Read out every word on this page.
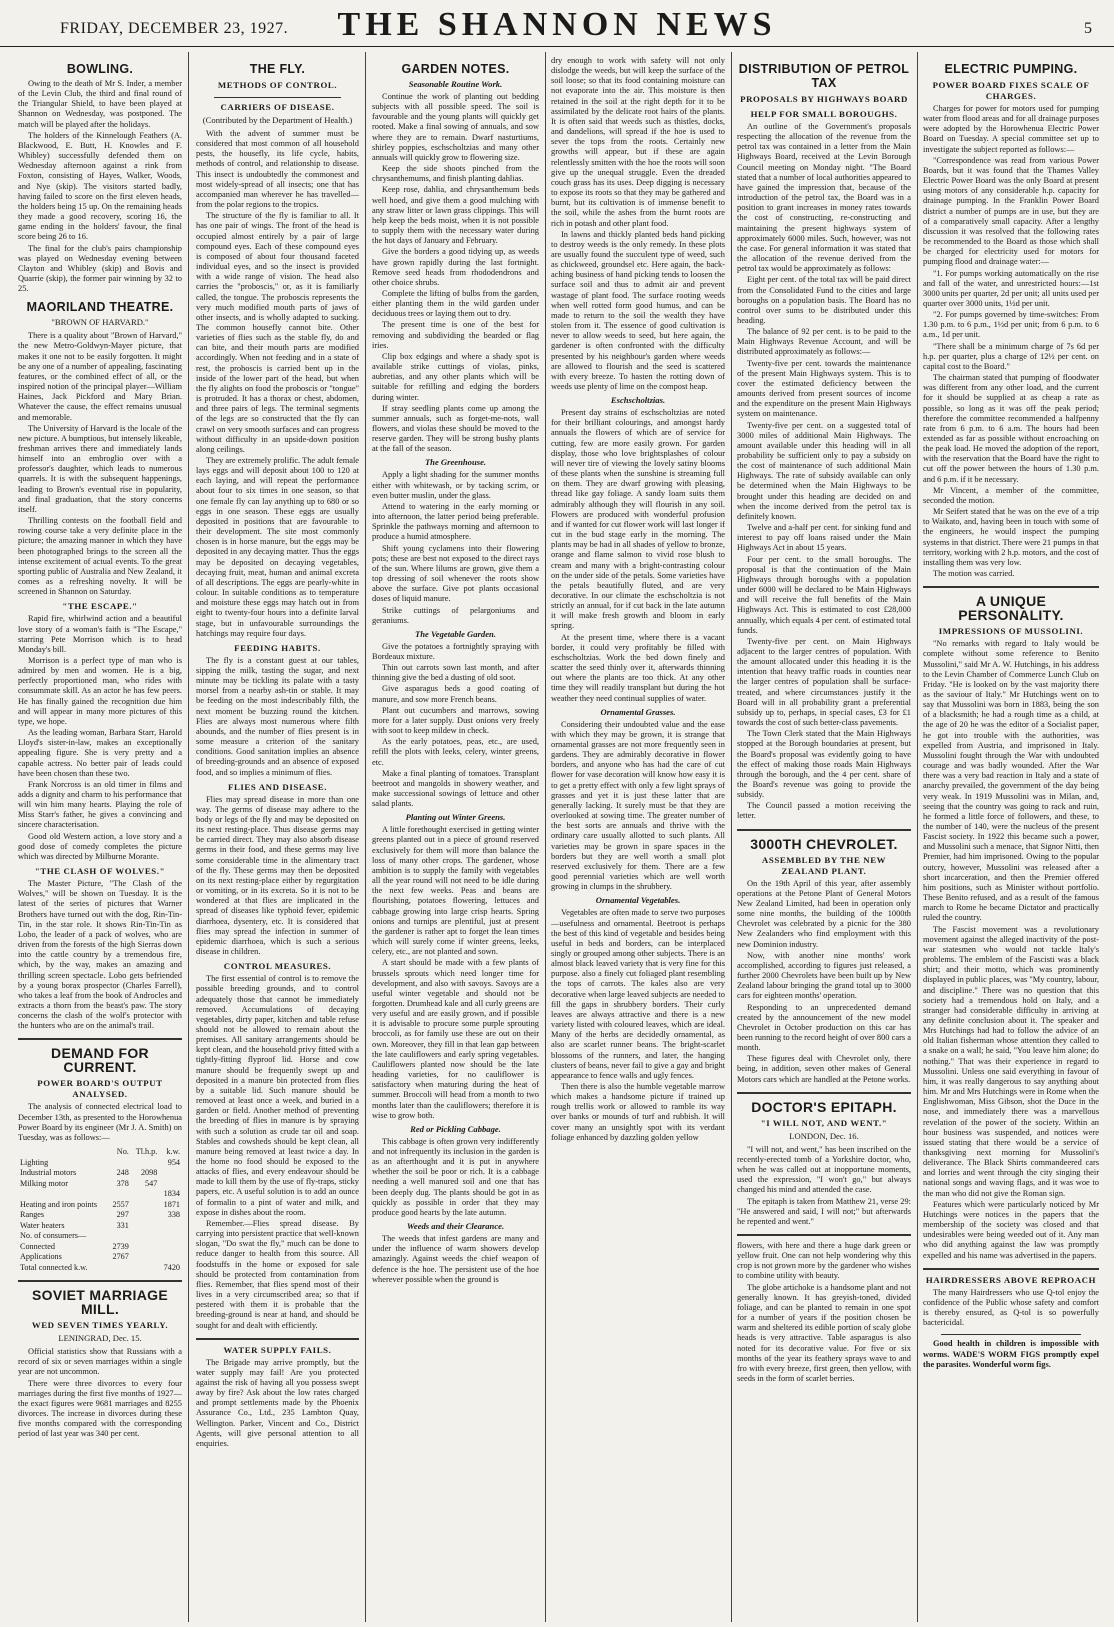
FRIDAY, DECEMBER 23, 1927.	THE SHANNON NEWS	5
BOWLING.

Owing to the death of Mr S. Inder, a member of the Levin Club, the third and final round of the Triangular Shield, to have been played at Shannon on Wednesday, was postponed. The match will be played after the holidays.

The holders of the Kinnelough Feathers (A. Blackwood, E. Butt, H. Knowles and F. Whibley) successfully defended them on Wednesday afternoon against a rink from Foxton, consisting of Hayes, Walker, Woods, and Nye (skip). The visitors started badly, having failed to score on the first eleven heads, the holders being 15 up. On the remaining heads they made a good recovery, scoring 16, the game ending in the holders' favour, the final score being 26 to 16.

The final for the club's pairs championship was played on Wednesday evening between Clayton and Whibley (skip) and Bovis and Quarrie (skip), the former pair winning by 32 to 25.

MAORILAND THEATRE.
"BROWN OF HARVARD."

There is a quality about "Brown of Harvard," the new Metro-Goldwyn-Mayer picture, that makes it one not to be easily forgotten. It might be any one of a number of appealing, fascinating features, or the combined effect of all, or the inspired notion of the principal player—William Haines, Jack Pickford and Mary Brian. Whatever the cause, the effect remains unusual and memorable.

The University of Harvard is the locale of the new picture. A bumptious, but intensely likeable, freshman arrives there and immediately lands himself into an embroglio over with a professor's daughter, which leads to numerous quarrels. It is with the subsequent happenings, leading to Brown's eventual rise in popularity, and final graduation, that the story concerns itself.

Thrilling contests on the football field and rowing course take a very definite place in the picture; the amazing manner in which they have been photographed brings to the screen all the intense excitement of actual events. To the great sporting public of Australia and New Zealand, it comes as a refreshing novelty. It will be screened in Shannon on Saturday.

"THE ESCAPE."

Rapid fire, whirlwind action and a beautiful love story of a woman's faith is "The Escape," starring Pete Morrison which is to head Monday's bill.

Morrison is a perfect type of man who is admired by men and women. He is a big, perfectly proportioned man, who rides with consummate skill. As an actor he has few peers. He has finally gained the recognition due him and will appear in many more pictures of this type, we hope.

As the leading woman, Barbara Starr, Harold Lloyd's sister-in-law, makes an exceptionally appealing figure. She is very pretty and a capable actress. No better pair of leads could have been chosen than these two.

Frank Norcross is an old timer in films and adds a dignity and charm to his performance that will win him many hearts. Playing the role of Miss Starr's father, he gives a convincing and sincere characterisation.

Good old Western action, a love story and a good dose of comedy completes the picture which was directed by Milburne Morante.

"THE CLASH OF WOLVES."

The Master Picture, "The Clash of the Wolves," will be shown on Tuesday. It is the latest of the series of pictures that Warner Brothers have turned out with the dog, Rin-Tin-Tin, in the star role. It shows Rin-Tin-Tin as Lobo, the leader of a pack of wolves, who are driven from the forests of the high Sierras down into the cattle country by a tremendous fire, which, by the way, makes an amazing and thrilling screen spectacle. Lobo gets befriended by a young borax prospector (Charles Farrell), who takes a leaf from the book of Androcles and extracts a thorn from the beast's paw. The story concerns the clash of the wolf's protector with the hunters who are on the animal's trail.

DEMAND FOR CURRENT.
POWER BOARD'S OUTPUT ANALYSED.

The analysis of connected electrical load to December 13th, as presented to the Horowhenua Power Board by its engineer (Mr J. A. Smith) on Tuesday, was as follows:—

	No.	Tl.h.p.	k.w.
Lighting			954
Industrial motors	248	2098	
Milking motor	378	547	
			1834
Heating and iron points	2557		1871
Ranges	297		338
Water heaters	331		
No. of consumers—			
Connected	2739		
Applications	2767		
Total connected k.w.			7420
SOVIET MARRIAGE MILL.
WED SEVEN TIMES YEARLY.
LENINGRAD, Dec. 15.

Official statistics show that Russians with a record of six or seven marriages within a single year are not uncommon.

There were three divorces to every four marriages during the first five months of 1927—the exact figures were 9681 marriages and 8255 divorces. The increase in divorces during these five months compared with the corresponding period of last year was 340 per cent.

THE FLY.
METHODS OF CONTROL.
CARRIERS OF DISEASE.
(Contributed by the Department of Health.)

With the advent of summer must be considered that most common of all household pests, the housefly, its life cycle, habits, methods of control, and relationship to disease. This insect is undoubtedly the commonest and most widely-spread of all insects; one that has accompanied man wherever he has travelled—from the polar regions to the tropics.

The structure of the fly is familiar to all. It has one pair of wings. The front of the head is occupied almost entirely by a pair of large compound eyes. Each of these compound eyes is composed of about four thousand faceted individual eyes, and so the insect is provided with a wide range of vision. The head also carries the "proboscis," or, as it is familiarly called, the tongue. The proboscis represents the very much modified mouth parts of jaws of other insects, and is wholly adapted to sucking. The common housefly cannot bite. Other varieties of flies such as the stable fly, do and can bite, and their mouth parts are modified accordingly. When not feeding and in a state of rest, the proboscis is carried bent up in the inside of the lower part of the head, but when the fly alights on food the proboscis or "tongue" is protruded. It has a thorax or chest, abdomen, and three pairs of legs. The terminal segments of the legs are so constructed that the fly can crawl on very smooth surfaces and can progress without difficulty in an upside-down position along ceilings.

They are extremely prolific. The adult female lays eggs and will deposit about 100 to 120 at each laying, and will repeat the performance about four to six times in one season, so that one female fly can lay anything up to 680 or so eggs in one season. These eggs are usually deposited in positions that are favourable to their development. The site most commonly chosen is in horse manure, but the eggs may be deposited in any decaying matter. Thus the eggs may be deposited on decaying vegetables, decaying fruit, meat, human and animal excreta of all descriptions. The eggs are pearly-white in colour. In suitable conditions as to temperature and moisture these eggs may hatch out in from eight to twenty-four hours into a definite larval stage, but in unfavourable surroundings the hatchings may require four days.

FEEDING HABITS.

The fly is a constant guest at our tables, sipping the milk, tasting the sugar, and next minute may be tickling its palate with a tasty morsel from a nearby ash-tin or stable. It may be feeding on the most indescribably filth, the next moment be buzzing round the kitchen. Flies are always most numerous where filth abounds, and the number of flies present is in some measure a criterion of the sanitary conditions. Good sanitation implies an absence of breeding-grounds and an absence of exposed food, and so implies a minimum of flies.

FLIES AND DISEASE.

Flies may spread disease in more than one way. The germs of disease may adhere to the body or legs of the fly and may be deposited on its next resting-place. Thus disease germs may be carried direct. They may also absorb disease germs in their food, and these germs may live some considerable time in the alimentary tract of the fly. These germs may then be deposited on its next resting-place either by regurgitation or vomiting, or in its excreta. So it is not to be wondered at that flies are implicated in the spread of diseases like typhoid fever, epidemic diarrhoea, dysentery, etc. It is considered that flies may spread the infection in summer of epidemic diarrhoea, which is such a serious disease in children.

CONTROL MEASURES.

The first essential of control is to remove the possible breeding grounds, and to control adequately those that cannot be immediately removed. Accumulations of decaying vegetables, dirty paper, kitchen and table refuse should not be allowed to remain about the premises. All sanitary arrangements should be kept clean, and the household privy fitted with a tightly-fitting flyproof lid. Horse and cow manure should be frequently swept up and deposited in a manure bin protected from flies by a suitable lid. Such manure should be removed at least once a week, and buried in a garden or field. Another method of preventing the breeding of flies in manure is by spraying with such a solution as crude tar oil and soap. Stables and cowsheds should be kept clean, all manure being removed at least twice a day. In the home no food should be exposed to the attacks of flies, and every endeavour should be made to kill them by the use of fly-traps, sticky papers, etc. A useful solution is to add an ounce of formalin to a pint of water and milk, and expose in dishes about the room.

Remember.—Flies spread disease. By carrying into persistent practice that well-known slogan, "Do swat the fly," much can be done to reduce danger to health from this source. All foodstuffs in the home or exposed for sale should be protected from contamination from flies. Remember, that flies spend most of their lives in a very circumscribed area; so that if pestered with them it is probable that the breeding-ground is near at hand, and should be sought for and dealt with efficiently.

WATER SUPPLY FAILS.

The Brigade may arrive promptly, but the water supply may fail! Are you protected against the risk of having all you possess swept away by fire? Ask about the low rates charged and prompt settlements made by the Phoenix Assurance Co., Ltd., 235 Lambton Quay, Wellington. Parker, Vincent and Co., District Agents, will give personal attention to all enquiries.

GARDEN NOTES.
Seasonable Routine Work.

Continue the work of planting out bedding subjects with all possible speed. The soil is favourable and the young plants will quickly get rooted. Make a final sowing of annuals, and sow where they are to remain. Dwarf nasturtiums, shirley poppies, eschscholtzias and many other annuals will quickly grow to flowering size.

Keep the side shoots pinched from the chrysanthemums, and finish planting dahlias.

Keep rose, dahlia, and chrysanthemum beds well hoed, and give them a good mulching with any straw litter or lawn grass clippings. This will help keep the beds moist, when it is not possible to supply them with the necessary water during the hot days of January and February.

Give the borders a good tidying up, as weeds have grown rapidly during the last fortnight. Remove seed heads from rhododendrons and other choice shrubs.

Complete the lifting of bulbs from the garden, either planting them in the wild garden under deciduous trees or laying them out to dry.

The present time is one of the best for removing and subdividing the bearded or flag iries.

Clip box edgings and where a shady spot is available strike cuttings of violas, pinks, aubretias, and any other plants which will be suitable for refilling and edging the borders during winter.

If stray seedling plants come up among the summer annuals, such as forget-me-nots, wall flowers, and violas these should be moved to the reserve garden. They will be strong bushy plants at the fall of the season.

The Greenhouse.

Apply a light shading for the summer months either with whitewash, or by tacking scrim, or even butter muslin, under the glass.

Attend to watering in the early morning or into afternoon, the latter period being preferable. Sprinkle the pathways morning and afternoon to produce a humid atmosphere.

Shift young cyclamens into their flowering pots; these are best not exposed to the direct rays of the sun. Where lilums are grown, give them a top dressing of soil whenever the roots show above the surface. Give pot plants occasional doses of liquid manure.

Strike cuttings of pelargoniums and geraniums.

The Vegetable Garden.

Give the potatoes a fortnightly spraying with Bordeaux mixture.

Thin out carrots sown last month, and after thinning give the bed a dusting of old soot.

Give asparagus beds a good coating of manure, and sow more French beans.

Plant out cucumbers and marrows, sowing more for a later supply. Dust onions very freely with soot to keep mildew in check.

As the early potatoes, peas, etc., are used, refill the plots with leeks, celery, winter greens, etc.

Make a final planting of tomatoes. Transplant beetroot and mangolds in showery weather, and make successional sowings of lettuce and other salad plants.

Planting out Winter Greens.

A little forethought exercised in getting winter greens planted out in a piece of ground reserved exclusively for them will more than balance the loss of many other crops. The gardener, whose ambition is to supply the family with vegetables all the year round will not need to be idle during the next few weeks. Peas and beans are flourishing, potatoes flowering, lettuces and cabbage growing into large crisp hearts. Spring onions and turnips are plentiful, just at present the gardener is rather apt to forget the lean times which will surely come if winter greens, leeks, celery, etc., are not planted and sown.

A start should be made with a few plants of brussels sprouts which need longer time for development, and also with savoys. Savoys are a useful winter vegetable and should not be forgotten. Drumhead kale and all curly greens are very useful and are easily grown, and if possible it is advisable to procure some purple sprouting broccoli, as for family use these are out on their own. Moreover, they fill in that lean gap between the late cauliflowers and early spring vegetables. Cauliflowers planted now should be the late heading varieties, for no cauliflower is satisfactory when maturing during the heat of summer. Broccoli will head from a month to two months later than the cauliflowers; therefore it is wise to grow both.

Red or Pickling Cabbage.

This cabbage is often grown very indifferently and not infrequently its inclusion in the garden is as an afterthought and it is put in anywhere whether the soil be poor or rich. It is a cabbage needing a well manured soil and one that has been deeply dug. The plants should be got in as quickly as possible in order that they may produce good hearts by the late autumn.

Weeds and their Clearance.

The weeds that infest gardens are many and under the influence of warm showers develop amazingly. Against weeds the chief weapon of defence is the hoe. The persistent use of the hoe wherever possible when the ground is

dry enough to work with safety will not only dislodge the weeds, but will keep the surface of the soil loose; so that its food containing moisture can not evaporate into the air. This moisture is then retained in the soil at the right depth for it to be assimilated by the delicate root hairs of the plants. It is often said that weeds such as thistles, docks, and dandelions, will spread if the hoe is used to sever the tops from the roots. Certainly new growths will appear, but if these are again relentlessly smitten with the hoe the roots will soon give up the unequal struggle. Even the dreaded couch grass has its uses. Deep digging is necessary to expose its roots so that they may be gathered and burnt, but its cultivation is of immense benefit to the soil, while the ashes from the burnt roots are rich in potash and other plant food.

In lawns and thickly planted beds hand picking to destroy weeds is the only remedy. In these plots are usually found the succulent type of weed, such as chickweed, groundsel etc. Here again, the back-aching business of hand picking tends to loosen the surface soil and thus to admit air and prevent wastage of plant food. The surface rooting weeds when well rotted form good humus, and can be made to return to the soil the wealth they have stolen from it. The essence of good cultivation is never to allow weeds to seed, but here again, the gardener is often confronted with the difficulty presented by his neighbour's garden where weeds are allowed to flourish and the seed is scattered with every breeze. To hasten the rotting down of weeds use plenty of lime on the compost heap.

Eschscholtzias.

Present day strains of eschscholtzias are noted for their brilliant colourings, and amongst hardy annuals the flowers of which are of service for cutting, few are more easily grown. For garden display, those who love brightsplashes of colour will never tire of viewing the lovely satiny blooms of these plants when the sunshine is streaming full on them. They are dwarf growing with pleasing, thread like gay foliage. A sandy loam suits them admirably although they will flourish in any soil. Flowers are produced with wonderful profusion and if wanted for cut flower work will last longer if cut in the bud stage early in the morning. The plants may be had in all shades of yellow to bronze, orange and flame salmon to vivid rose blush to cream and many with a bright-contrasting colour on the under side of the petals. Some varieties have the petals beautifully fluted, and are very decorative. In our climate the eschscholtzia is not strictly an annual, for if cut back in the late autumn it will make fresh growth and bloom in early spring.

At the present time, where there is a vacant border, it could very profitably be filled with eschscholtzias. Work the bed down finely and scatter the seed thinly over it, afterwards thinning out where the plants are too thick. At any other time they will readily transplant but during the hot weather they need continual supplies of water.

Ornamental Grasses.

Considering their undoubted value and the ease with which they may be grown, it is strange that ornamental grasses are not more frequently seen in gardens. They are admirably decorative in flower borders, and anyone who has had the care of cut flower for vase decoration will know how easy it is to get a pretty effect with only a few light sprays of grasses and yet it is just these latter that are generally lacking. It surely must be that they are overlooked at sowing time. The greater number of the best sorts are annuals and thrive with the ordinary care usually allotted to such plants. All varieties may be grown in spare spaces in the borders but they are well worth a small plot reserved exclusively for them. There are a few good perennial varieties which are well worth growing in clumps in the shrubbery.

Ornamental Vegetables.

Vegetables are often made to serve two purposes—usefulness and ornamental. Beetroot is perhaps the best of this kind of vegetable and besides being useful in beds and borders, can be interplaced singly or grouped among other subjects. There is an almost black leaved variety that is very fine for this purpose. also a finely cut foliaged plant resembling the tops of carrots. The kales also are very decorative when large leaved subjects are needed to fill the gaps in shrubbery borders. Their curly leaves are always attractive and there is a new variety listed with coloured leaves, which are ideal. Many of the herbs are decidedly ornamental, as also are scarlet runner beans. The bright-scarlet blossoms of the runners, and later, the hanging clusters of beans, never fail to give a gay and bright appearance to fence walls and ugly fences.

Then there is also the humble vegetable marrow which makes a handsome picture if trained up rough trellis work or allowed to ramble its way over banks or mounds of turf and rubbish. It will cover many an unsightly spot with its verdant foliage enhanced by dazzling golden yellow

DISTRIBUTION OF PETROL TAX
PROPOSALS BY HIGHWAYS BOARD
HELP FOR SMALL BOROUGHS.

An outline of the Government's proposals respecting the allocation of the revenue from the petrol tax was contained in a letter from the Main Highways Board, received at the Levin Borough Council meeting on Monday night. "The Board stated that a number of local authorities appeared to have gained the impression that, because of the introduction of the petrol tax, the Board was in a position to grant increases in money rates towards the cost of constructing, re-constructing and maintaining the present highways system of approximately 6000 miles. Such, however, was not the case. For general information it was stated that the allocation of the revenue derived from the petrol tax would be approximately as follows:

Eight per cent. of the total tax will be paid direct from the Consolidated Fund to the cities and large boroughs on a population basis. The Board has no control over sums to be distributed under this heading.

The balance of 92 per cent. is to be paid to the Main Highways Revenue Account, and will be distributed approximately as follows:—

Twenty-five per cent. towards the maintenance of the present Main Highways system. This is to cover the estimated deficiency between the amounts derived from present sources of income and the expenditure on the present Main Highways system on maintenance.

Twenty-five per cent. on a suggested total of 3000 miles of additional Main Highways. The amount available under this heading will in all probability be sufficient only to pay a subsidy on the cost of maintenance of such additional Main Highways. The rate of subsidy available can only be determined when the Main Highways to be brought under this heading are decided on and when the income derived from the petrol tax is definitely known.

Twelve and a-half per cent. for sinking fund and interest to pay off loans raised under the Main Highways Act in about 15 years.

Four per cent. to the small boroughs. The proposal is that the continuation of the Main Highways through boroughs with a population under 6000 will be declared to be Main Highways and will receive the full benefits of the Main Highways Act. This is estimated to cost £28,000 annually, which equals 4 per cent. of estimated total funds.

Twenty-five per cent. on Main Highways adjacent to the larger centres of population. With the amount allocated under this heading it is the intention that heavy traffic roads in counties near the larger centres of population shall be surface-treated, and where circumstances justify it the Board will in all probability grant a preferential subsidy up to, perhaps, in special cases, £3 for £1 towards the cost of such better-class pavements.

The Town Clerk stated that the Main Highways stopped at the Borough boundaries at present, but the Board's proposal was evidently going to have the effect of making those roads Main Highways through the borough, and the 4 per cent. share of the Board's revenue was going to provide the subsidy.

The Council passed a motion receiving the letter.

3000TH CHEVROLET.
ASSEMBLED BY THE NEW ZEALAND PLANT.

On the 19th April of this year, after assembly operations at the Petone Plant of General Motors New Zealand Limited, had been in operation only some nine months, the building of the 1000th Chevrolet was celebrated by a picnic for the 380 New Zealanders who find employment with this new Dominion industry.

Now, with another nine months' work accomplished, according to figures just released, a further 2000 Chevrolets have been built up by New Zealand labour bringing the grand total up to 3000 cars for eighteen months' operation.

Responding to an unprecedented demand created by the announcement of the new model Chevrolet in October production on this car has been running to the record height of over 800 cars a month.

These figures deal with Chevrolet only, there being, in addition, seven other makes of General Motors cars which are handled at the Petone works.

DOCTOR'S EPITAPH.
"I WILL NOT, AND WENT."
LONDON, Dec. 16.

"I will not, and went," has been inscribed on the recently-erected tomb of a Yorkshire doctor, who, when he was called out at inopportune moments, used the expression, "I won't go," but always changed his mind and attended the case.

The epitaph is taken from Matthew 21, verse 29: "He answered and said, I will not;" but afterwards he repented and went."

flowers, with here and there a huge dark green or yellow fruit. One can not help wondering why this crop is not grown more by the gardener who wishes to combine utility with beauty.

The globe artichoke is a handsome plant and not generally known. It has greyish-toned, divided foliage, and can be planted to remain in one spot for a number of years if the position chosen be warm and sheltered its edible portion of scaly globe heads is very attractive. Table asparagus is also noted for its decorative value. For five or six months of the year its feathery sprays wave to and fro with every breeze, first green, then yellow, with seeds in the form of scarlet berries.

ELECTRIC PUMPING.
POWER BOARD FIXES SCALE OF CHARGES.

Charges for power for motors used for pumping water from flood areas and for all drainage purposes were adopted by the Horowhenua Electric Power Board on Tuesday. A special committee set up to investigate the subject reported as follows:—

"Correspondence was read from various Power Boards, but it was found that the Thames Valley Electric Power Board was the only Board at present using motors of any considerable h.p. capacity for drainage pumping. In the Franklin Power Board district a number of pumps are in use, but they are of a comparatively small capacity. After a lengthy discussion it was resolved that the following rates be recommended to the Board as those which shall be charged for electricity used for motors for pumping flood and drainage water:—

"1. For pumps working automatically on the rise and fall of the water, and unrestricted hours:—1st 3000 units per quarter, 2d per unit; all units used per quarter over 3000 units, 1½d per unit.

"2. For pumps governed by time-switches: From 1.30 p.m. to 6 p.m., 1½d per unit; from 6 p.m. to 6 a.m., 1d per unit.

"There shall be a minimum charge of 7s 6d per h.p. per quarter, plus a charge of 12½ per cent. on capital cost to the Board."

The chairman stated that pumping of floodwater was different from any other load, and the current for it should be supplied at as cheap a rate as possible, so long as it was off the peak period; therefore the committee recommended a halfpenny rate from 6 p.m. to 6 a.m. The hours had been extended as far as possible without encroaching on the peak load. He moved the adoption of the report, with the reservation that the Board have the right to cut off the power between the hours of 1.30 p.m. and 6 p.m. if it be necessary.

Mr Vincent, a member of the committee, seconded the motion.

Mr Seifert stated that he was on the eve of a trip to Waikato, and, having been in touch with some of the engineers, he would inspect the pumping systems in that district. There were 21 pumps in that territory, working with 2 h.p. motors, and the cost of installing them was very low.

The motion was carried.

A UNIQUE PERSONALITY.
IMPRESSIONS OF MUSSOLINI.

"No remarks with regard to Italy would be complete without some reference to Benito Mussolini," said Mr A. W. Hutchings, in his address to the Levin Chamber of Commerce Lunch Club on Friday. "He is looked on by the vast majority there as the saviour of Italy." Mr Hutchings went on to say that Mussolini was born in 1883, being the son of a blacksmith; he had a rough time as a child, at the age of 20 he was the editor of a Socialist paper, he got into trouble with the authorities, was expelled from Austria, and imprisoned in Italy. Mussolini fought through the War with undoubted courage and was badly wounded. After the War there was a very bad reaction in Italy and a state of anarchy prevailed, the government of the day being very weak. In 1919 Mussolini was in Milan, and, seeing that the country was going to rack and ruin, he formed a little force of followers, and these, to the number of 140, were the nucleus of the present Fascist society. In 1922 this became such a power, and Mussolini such a menace, that Signor Nitti, then Premier, had him imprisoned. Owing to the popular outcry, however, Mussolini was released after a short incarceration, and then the Premier offered him positions, such as Minister without portfolio. These Benito refused, and as a result of the famous march to Rome he became Dictator and practically ruled the country.

The Fascist movement was a revolutionary movement against the alleged inactivity of the post-war statesmen who would not tackle Italy's problems. The emblem of the Fascisti was a black shirt; and their motto, which was prominently displayed in public places, was "My country, labour, and discipline." There was no question that this society had a tremendous hold on Italy, and a stranger had considerable difficulty in arriving at any definite conclusion about it. The speaker and Mrs Hutchings had had to follow the advice of an old Italian fisherman whose attention they called to a snake on a wall; he said, "You leave him alone; do nothing." That was their experience in regard to Mussolini. Unless one said everything in favour of him, it was really dangerous to say anything about him. Mr and Mrs Hutchings were in Rome when the Englishwoman, Miss Gibson, shot the Duce in the nose, and immediately there was a marvellous revelation of the power of the society. Within an hour business was suspended, and notices were issued stating that there would be a service of thanksgiving next morning for Mussolini's deliverance. The Black Shirts commandeered cars and lorries and went through the city singing their national songs and waving flags, and it was woe to the man who did not give the Roman sign.

Features which were particularly noticed by Mr Hutchings were notices in the papers that the membership of the society was closed and that undesirables were being weeded out of it. Any man who did anything against the law was promptly expelled and his name was advertised in the papers.

HAIRDRESSERS ABOVE REPROACH

The many Hairdressers who use Q-tol enjoy the confidence of the Public whose safety and comfort is thereby ensured, as Q-tol is so powerfully bactericidal.

Good health in children is impossible with worms. WADE'S WORM FIGS promptly expel the parasites. Wonderful worm figs.
